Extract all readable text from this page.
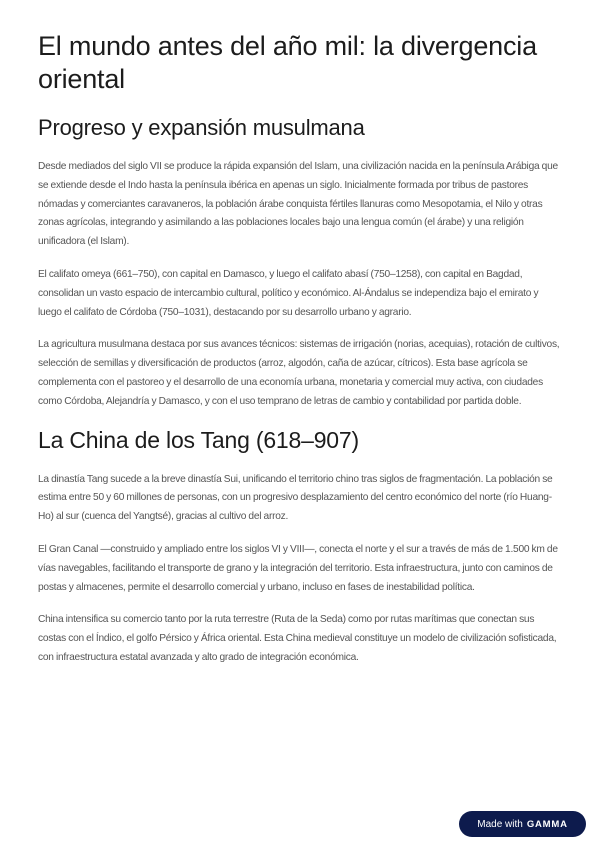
El mundo antes del año mil: la divergencia oriental
Progreso y expansión musulmana

Desde mediados del siglo VII se produce la rápida expansión del Islam, una civilización nacida en la península Arábiga que se extiende desde el Indo hasta la península ibérica en apenas un siglo. Inicialmente formada por tribus de pastores nómadas y comerciantes caravaneros, la población árabe conquista fértiles llanuras como Mesopotamia, el Nilo y otras zonas agrícolas, integrando y asimilando a las poblaciones locales bajo una lengua común (el árabe) y una religión unificadora (el Islam).

El califato omeya (661–750), con capital en Damasco, y luego el califato abasí (750–1258), con capital en Bagdad, consolidan un vasto espacio de intercambio cultural, político y económico. Al-Ándalus se independiza bajo el emirato y luego el califato de Córdoba (750–1031), destacando por su desarrollo urbano y agrario.

La agricultura musulmana destaca por sus avances técnicos: sistemas de irrigación (norias, acequias), rotación de cultivos, selección de semillas y diversificación de productos (arroz, algodón, caña de azúcar, cítricos). Esta base agrícola se complementa con el pastoreo y el desarrollo de una economía urbana, monetaria y comercial muy activa, con ciudades como Córdoba, Alejandría y Damasco, y con el uso temprano de letras de cambio y contabilidad por partida doble.

La China de los Tang (618–907)

La dinastía Tang sucede a la breve dinastía Sui, unificando el territorio chino tras siglos de fragmentación. La población se estima entre 50 y 60 millones de personas, con un progresivo desplazamiento del centro económico del norte (río Huang-Ho) al sur (cuenca del Yangtsé), gracias al cultivo del arroz.

El Gran Canal —construido y ampliado entre los siglos VI y VIII—, conecta el norte y el sur a través de más de 1.500 km de vías navegables, facilitando el transporte de grano y la integración del territorio. Esta infraestructura, junto con caminos de postas y almacenes, permite el desarrollo comercial y urbano, incluso en fases de inestabilidad política.

China intensifica su comercio tanto por la ruta terrestre (Ruta de la Seda) como por rutas marítimas que conectan sus costas con el Índico, el golfo Pérsico y África oriental. Esta China medieval constituye un modelo de civilización sofisticada, con infraestructura estatal avanzada y alto grado de integración económica.

Made with GAMMA
